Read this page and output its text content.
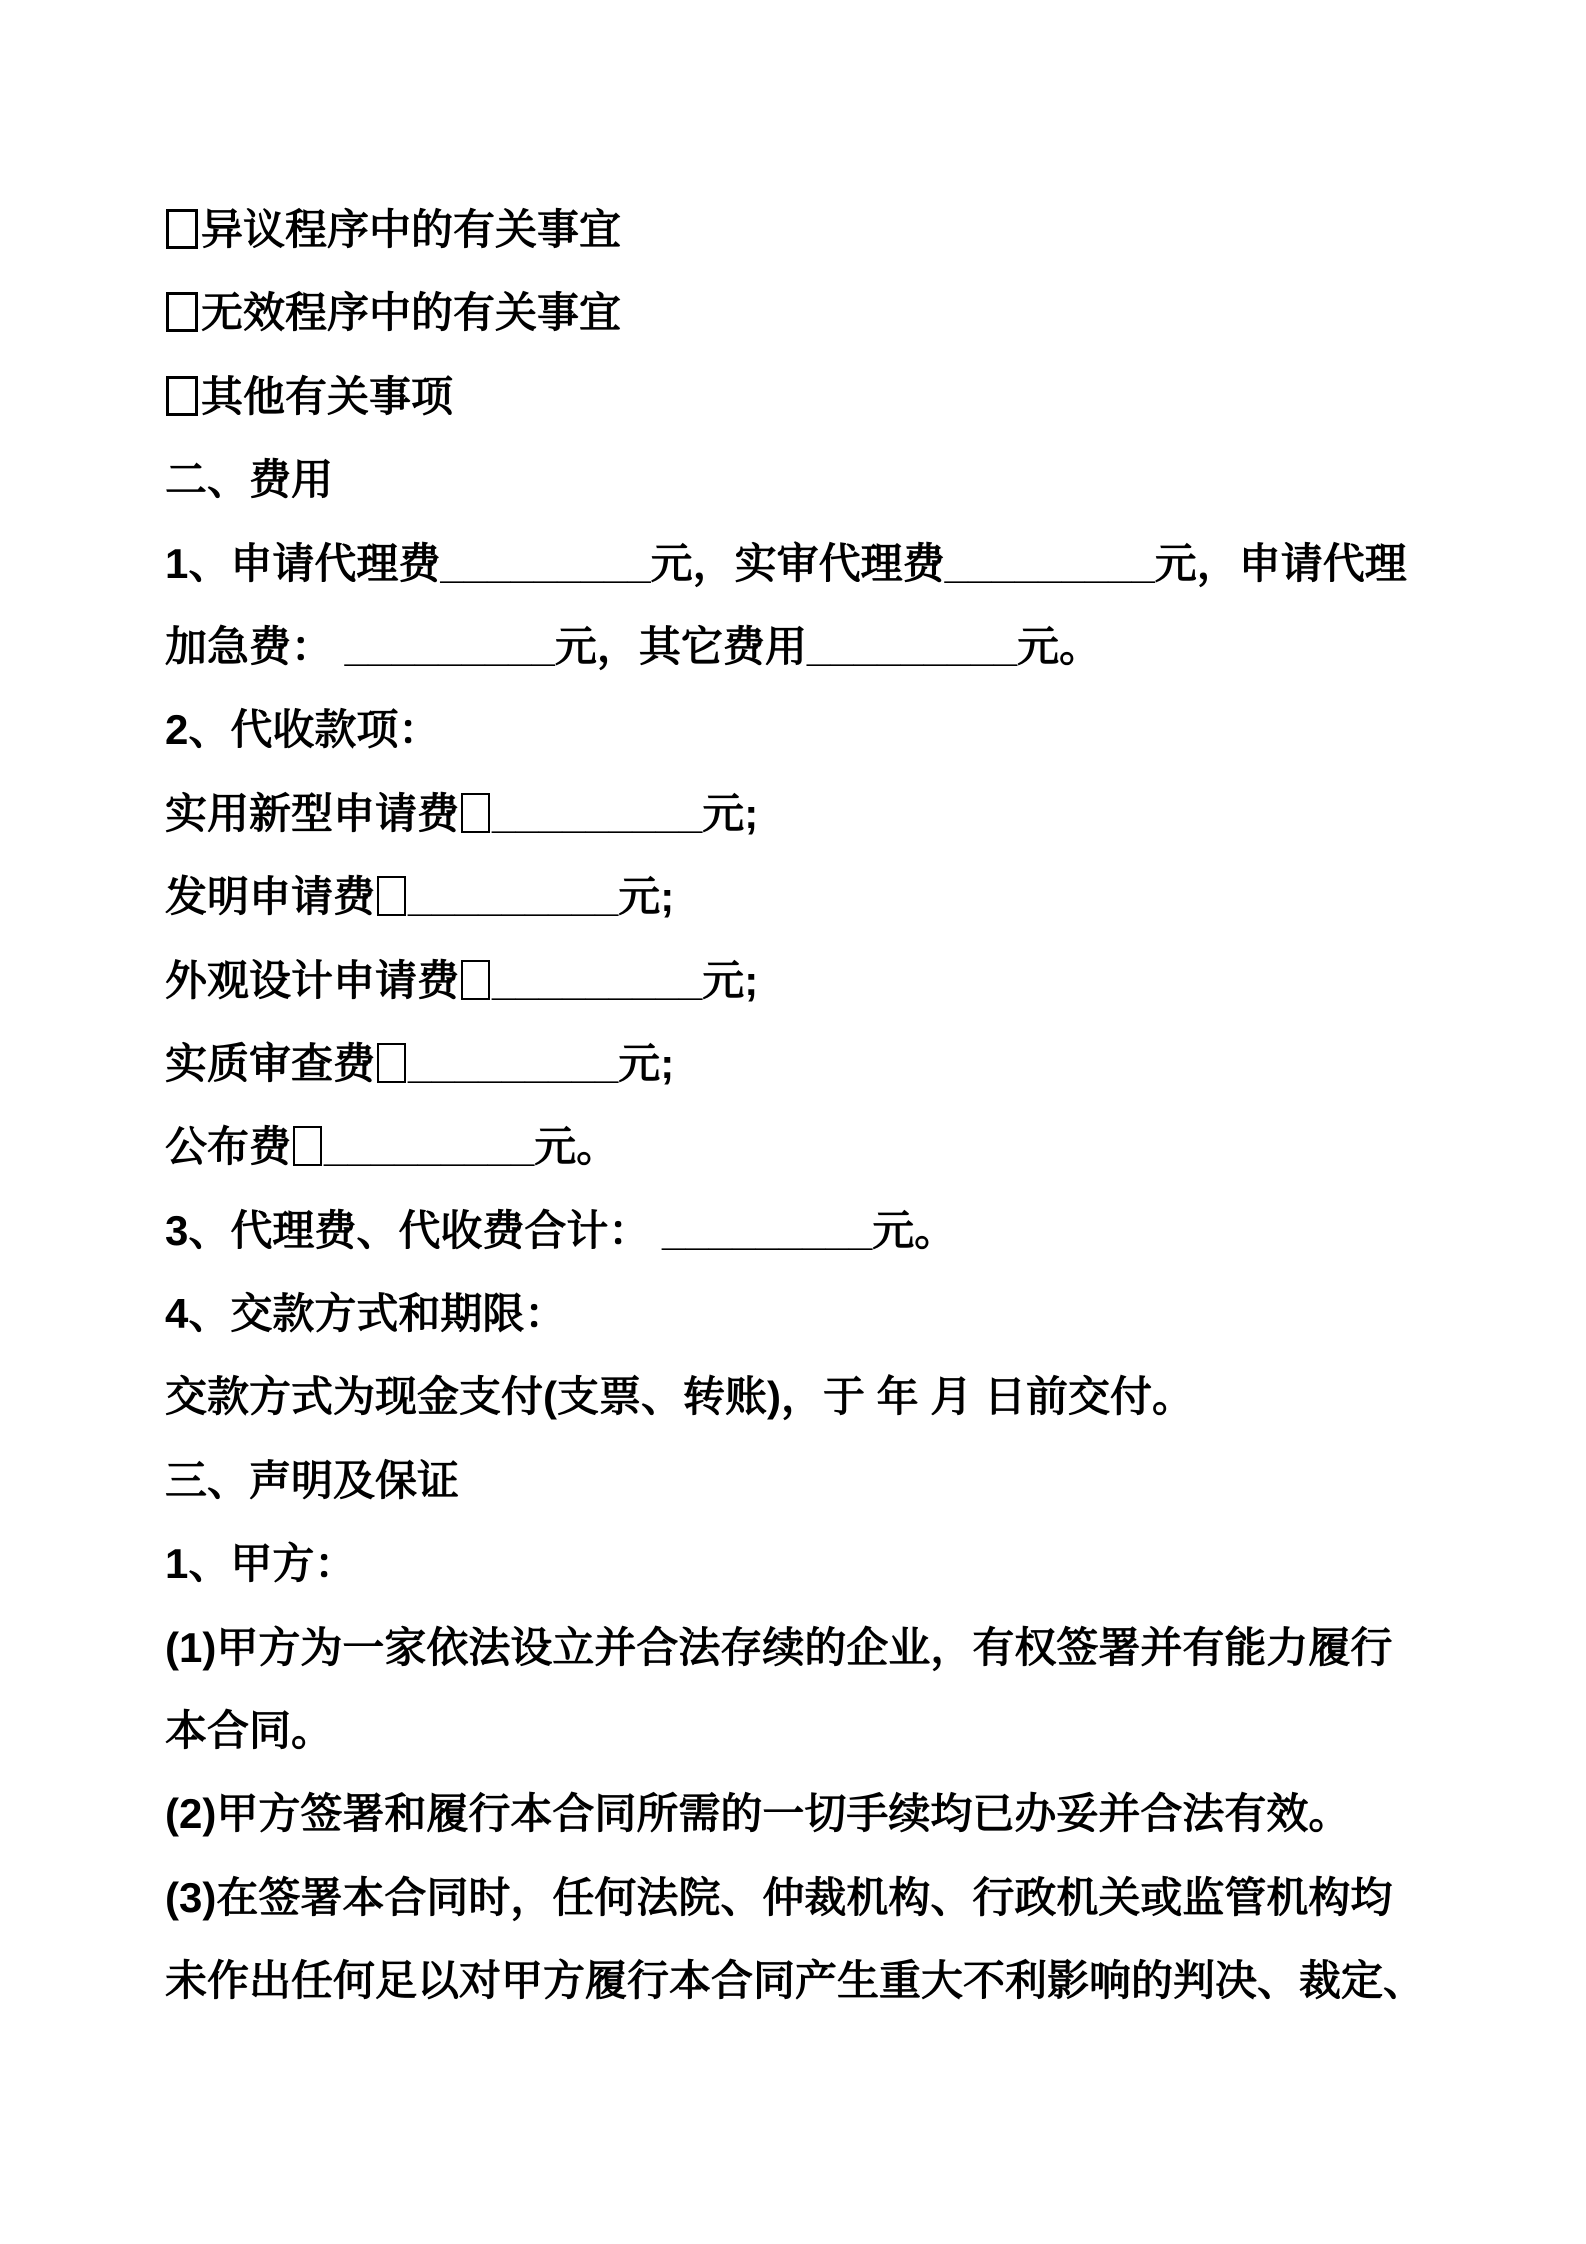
异议程序中的有关事宜
无效程序中的有关事宜
其他有关事项
二、费用
1、申请代理费_________元，实审代理费_________元，申请代理
加急费： _________元，其它费用_________元。
2、代收款项：
实用新型申请费 _________元;
发明申请费 _________元;
外观设计申请费 _________元;
实质审查费 _________元;
公布费 _________元。
3、代理费、代收费合计： _________元。
4、交款方式和期限：
交款方式为现金支付(支票、转账)，于 年 月 日前交付。
三、声明及保证
1、甲方：
(1)甲方为一家依法设立并合法存续的企业，有权签署并有能力履行
本合同。
(2)甲方签署和履行本合同所需的一切手续均已办妥并合法有效。
(3)在签署本合同时，任何法院、仲裁机构、行政机关或监管机构均
未作出任何足以对甲方履行本合同产生重大不利影响的判决、裁定、
